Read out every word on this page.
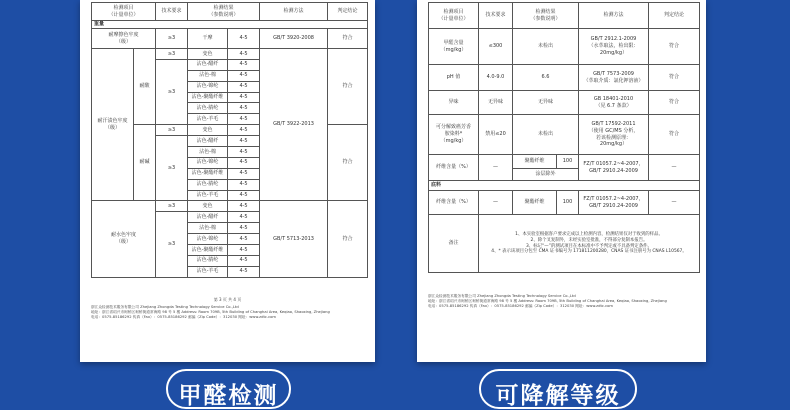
检测项目
（计量单位）		技术要求	检测结果
（参数说明）		检测方法	判定结论
重量						
耐摩擦色牢度
（级）		≥3	干摩	4-5	GB/T 3920-2008	符合
耐汗渍色牢度
（级）	耐酸	≥3	变色	4-5	GB/T 3922-2013	符合
		≥3	沾色-醋纤	4-5		
			沾色-棉	4-5		
			沾色-锦纶	4-5		
			沾色-聚酯纤维	4-5		
			沾色-腈纶	4-5		
			沾色-羊毛	4-5		
	耐碱	≥3	变色	4-5		符合
		≥3	沾色-醋纤	4-5		
			沾色-棉	4-5		
			沾色-锦纶	4-5		
			沾色-聚酯纤维	4-5		
			沾色-腈纶	4-5		
			沾色-羊毛	4-5		
耐水色牢度
（级）		≥3	变色	4-5	GB/T 5713-2013	符合
		≥3	沾色-醋纤	4-5		
			沾色-棉	4-5		
			沾色-锦纶	4-5		
			沾色-聚酯纤维	4-5		
			沾色-腈纶	4-5		
			沾色-羊毛	4-5		
第 3 页 共 4 页
浙江众检测技术服务有限公司 Zhejiang Zhongda Testing Technology Service Co.,Ltd
地址：浙江省绍兴市柯桥区柯桥街道常海路 98 号 5 楼 Address: Room 709B, 5th Building of Changhai Area, Keqiao, Shaoxing, Zhejiang
电话：0575-85186292 传真（Fax）：0575-85186292 邮编（Zip Code）：312030 网址：www.zdtc.com
检测项目
（计量单位）	技术要求	检测结果
（参数说明）		检测方法	判定结论
甲醛含量
（mg/kg）	≤300	未检出		GB/T 2912.1-2009
（水萃取法，检出限：
20mg/kg）	符合
pH 值	4.0-9.0	6.6		GB/T 7573-2009
（萃取介质：氯化钾溶液）	符合
异味	无异味	无异味		GB 18401-2010
（见 6.7 条款）	符合
可分解致癌芳香
胺染料*
（mg/kg）	禁用≤20	未检出		GB/T 17592-2011
（使用 GC/MS 分析，
若该检测原理：
20mg/kg）	符合
纤维含量（%）	—	聚酯纤维	100	FZ/T 01057.2~4-2007，
GB/T 2910.24-2009	—
		涂层除外			
底料					
纤维含量（%）	—	聚酯纤维	100	FZ/T 01057.2~4-2007，
GB/T 2910.24-2009	—
备注	1、本实验室根据客户要求完成以上检测内容，检测结果仅对于收到的样品。
2、除个叉复制外，未经实验室批准，不得部分复制本报告。
3、标记“—”的测试项目在本标准中不予判定或不具备判定条件。
4、* 表示该项目分包至 CMA 证书编号为 171811200280，CNAS 证书注册号为 CNAS L10567。				
浙江众检测技术服务有限公司 Zhejiang Zhongda Testing Technology Service Co.,Ltd
地址：浙江省绍兴市柯桥区柯桥街道常海路 98 号 5 楼 Address: Room 709B, 5th Building of Changhai Area, Keqiao, Shaoxing, Zhejiang
电话：0575-85186292 传真（Fax）：0575-85186292 邮编（Zip Code）：312030 网址：www.zdtc.com
甲醛检测	可降解等级
